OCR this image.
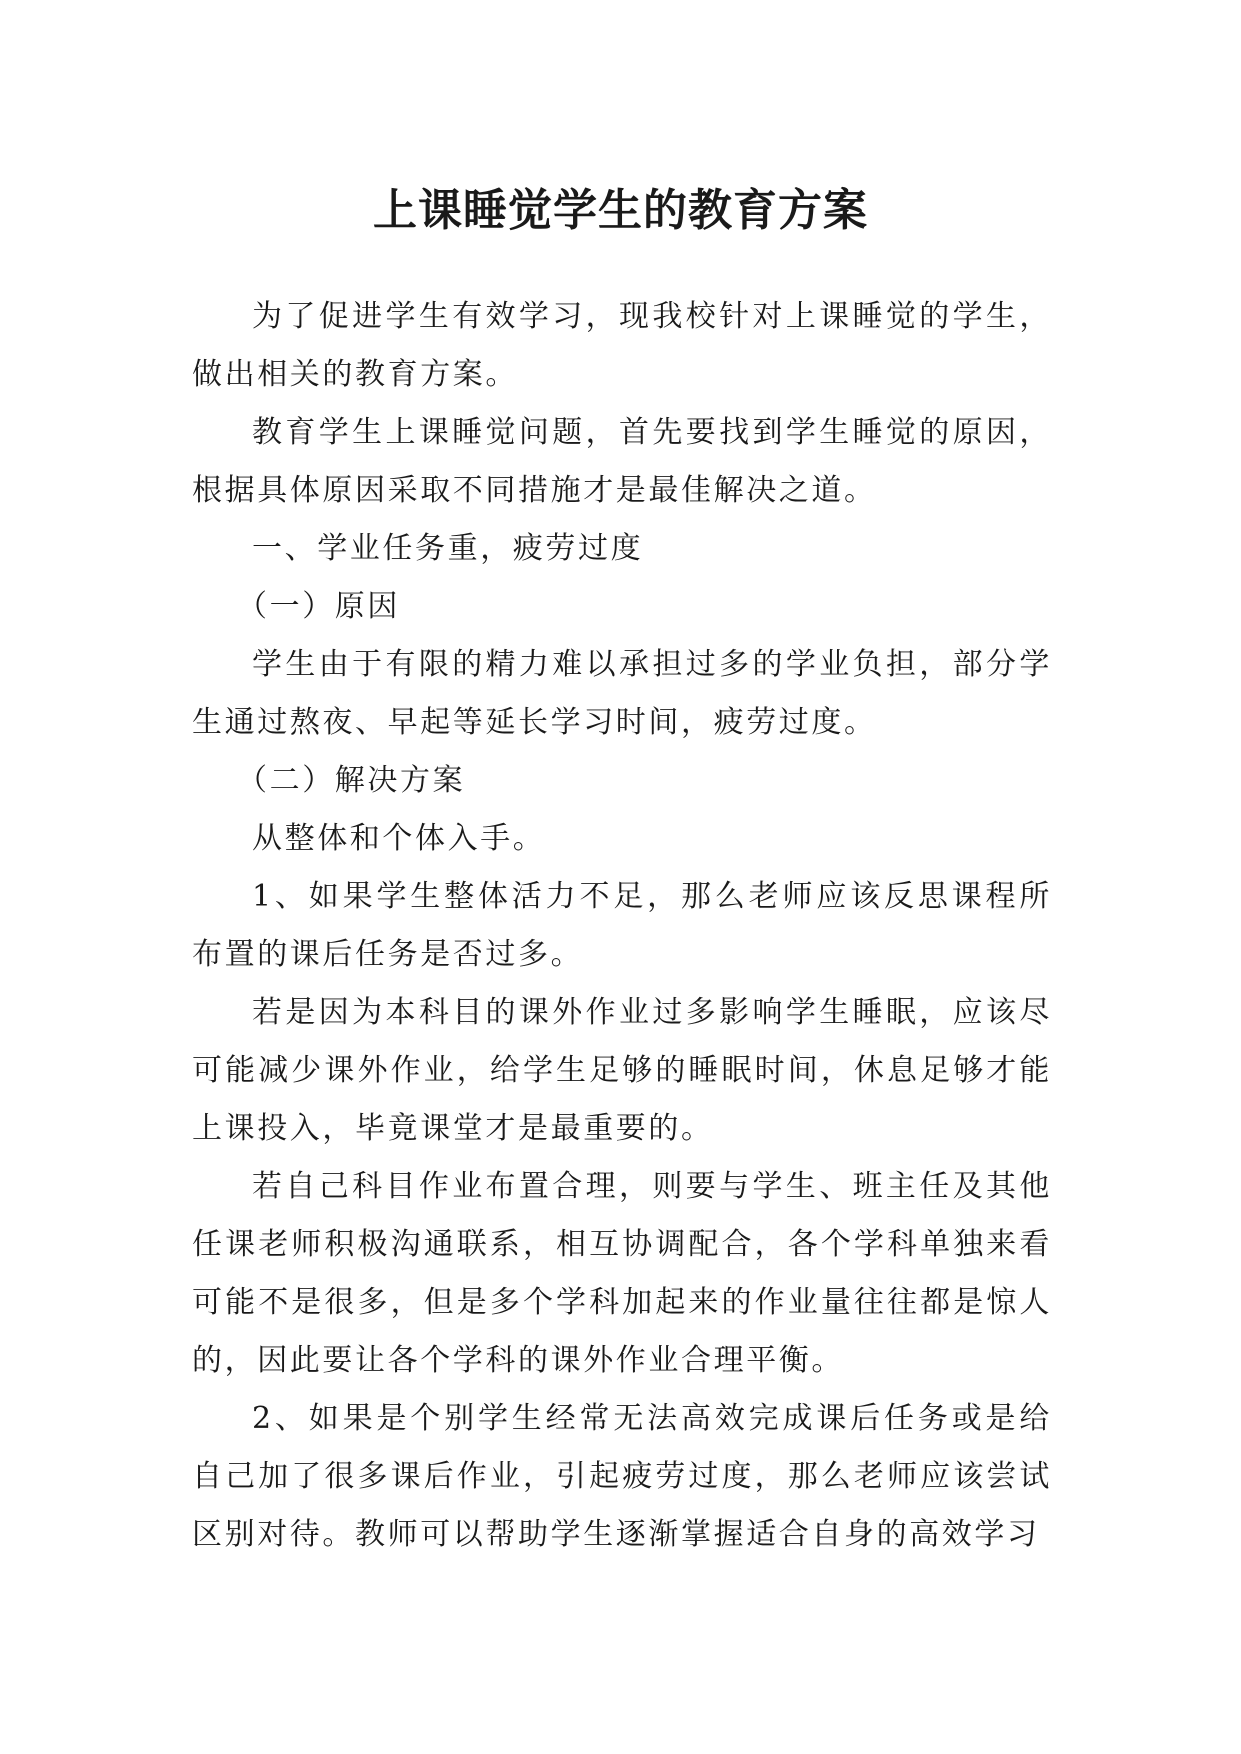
上课睡觉学生的教育方案

为了促进学生有效学习，现我校针对上课睡觉的学生，做出相关的教育方案。

教育学生上课睡觉问题，首先要找到学生睡觉的原因，根据具体原因采取不同措施才是最佳解决之道。

一、学业任务重，疲劳过度

（一）原因

学生由于有限的精力难以承担过多的学业负担，部分学生通过熬夜、早起等延长学习时间，疲劳过度。

（二）解决方案

从整体和个体入手。

1、如果学生整体活力不足，那么老师应该反思课程所布置的课后任务是否过多。

若是因为本科目的课外作业过多影响学生睡眠，应该尽可能减少课外作业，给学生足够的睡眠时间，休息足够才能上课投入，毕竟课堂才是最重要的。

若自己科目作业布置合理，则要与学生、班主任及其他任课老师积极沟通联系，相互协调配合，各个学科单独来看可能不是很多，但是多个学科加起来的作业量往往都是惊人的，因此要让各个学科的课外作业合理平衡。

2、如果是个别学生经常无法高效完成课后任务或是给自己加了很多课后作业，引起疲劳过度，那么老师应该尝试区别对待。教师可以帮助学生逐渐掌握适合自身的高效学习
